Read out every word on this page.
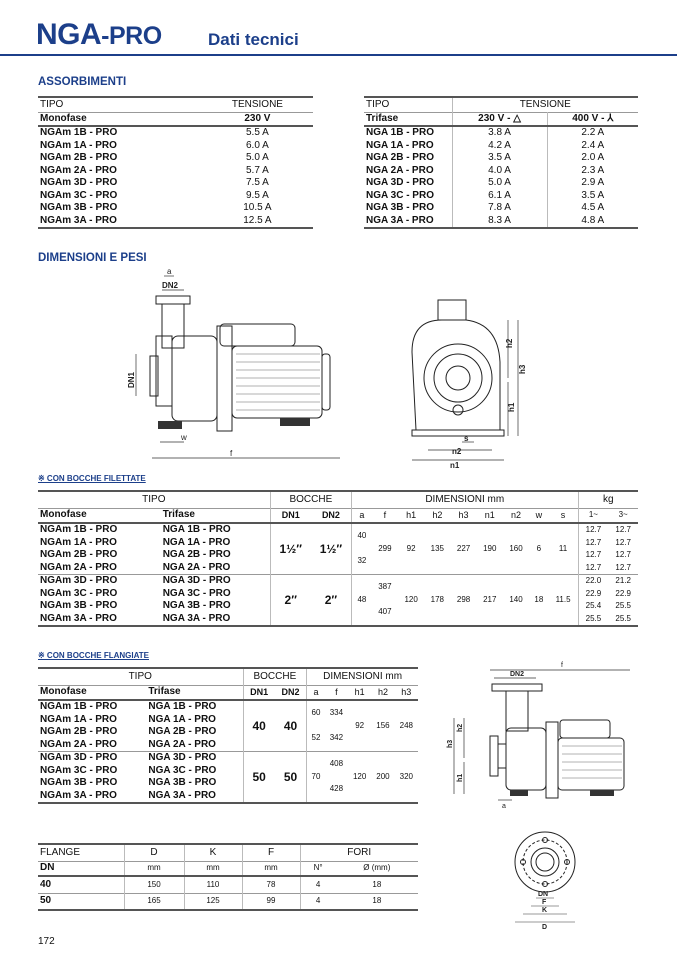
NGA-PRO	Dati tecnici
ASSORBIMENTI
TIPO	TENSIONE
Monofase	230 V
NGAm 1B - PRO	5.5 A
NGAm 1A - PRO	6.0 A
NGAm 2B - PRO	5.0 A
NGAm 2A - PRO	5.7 A
NGAm 3D - PRO	7.5 A
NGAm 3C - PRO	9.5 A
NGAm 3B - PRO	10.5 A
NGAm 3A - PRO	12.5 A
TIPO	TENSIONE	
Trifase	230 V - △	400 V - ⅄
NGA 1B - PRO	3.8 A	2.2 A
NGA 1A - PRO	4.2 A	2.4 A
NGA 2B - PRO	3.5 A	2.0 A
NGA 2A - PRO	4.0 A	2.3 A
NGA 3D - PRO	5.0 A	2.9 A
NGA 3C - PRO	6.1 A	3.5 A
NGA 3B - PRO	7.8 A	4.5 A
NGA 3A - PRO	8.3 A	4.8 A
DIMENSIONI E PESI
a
DN2
DN1
w
f
h2
h3
h1
s
n2
n1
※ CON BOCCHE FILETTATE
TIPO		BOCCHE		DIMENSIONI mm									kg	
Monofase	Trifase	DN1	DN2	a	f	h1	h2	h3	n1	n2	w	s	1~	3~
NGAm 1B - PRO	NGA 1B - PRO	1½″	1½″	40	299	92	135	227	190	160	6	11	12.7	12.7
NGAm 1A - PRO	NGA 1A - PRO												12.7	12.7
NGAm 2B - PRO	NGA 2B - PRO			32									12.7	12.7
NGAm 2A - PRO	NGA 2A - PRO												12.7	12.7
NGAm 3D - PRO	NGA 3D - PRO	2″	2″	48	387	120	178	298	217	140	18	11.5	22.0	21.2
NGAm 3C - PRO	NGA 3C - PRO												22.9	22.9
NGAm 3B - PRO	NGA 3B - PRO				407								25.4	25.5
NGAm 3A - PRO	NGA 3A - PRO												25.5	25.5
※ CON BOCCHE FLANGIATE
TIPO		BOCCHE		DIMENSIONI mm				
Monofase	Trifase	DN1	DN2	a	f	h1	h2	h3
NGAm 1B - PRO	NGA 1B - PRO	40	40	60	334	92	156	248
NGAm 1A - PRO	NGA 1A - PRO							
NGAm 2B - PRO	NGA 2B - PRO			52	342			
NGAm 2A - PRO	NGA 2A - PRO							
NGAm 3D - PRO	NGA 3D - PRO	50	50	70	408	120	200	320
NGAm 3C - PRO	NGA 3C - PRO							
NGAm 3B - PRO	NGA 3B - PRO				428			
NGAm 3A - PRO	NGA 3A - PRO							
f
DN2
h3
h2
h1
a
FLANGE	D	K	F	FORI	
DN	mm	mm	mm	N°	Ø (mm)
40	150	110	78	4	18
50	165	125	99	4	18
DN
F
K
D
172
